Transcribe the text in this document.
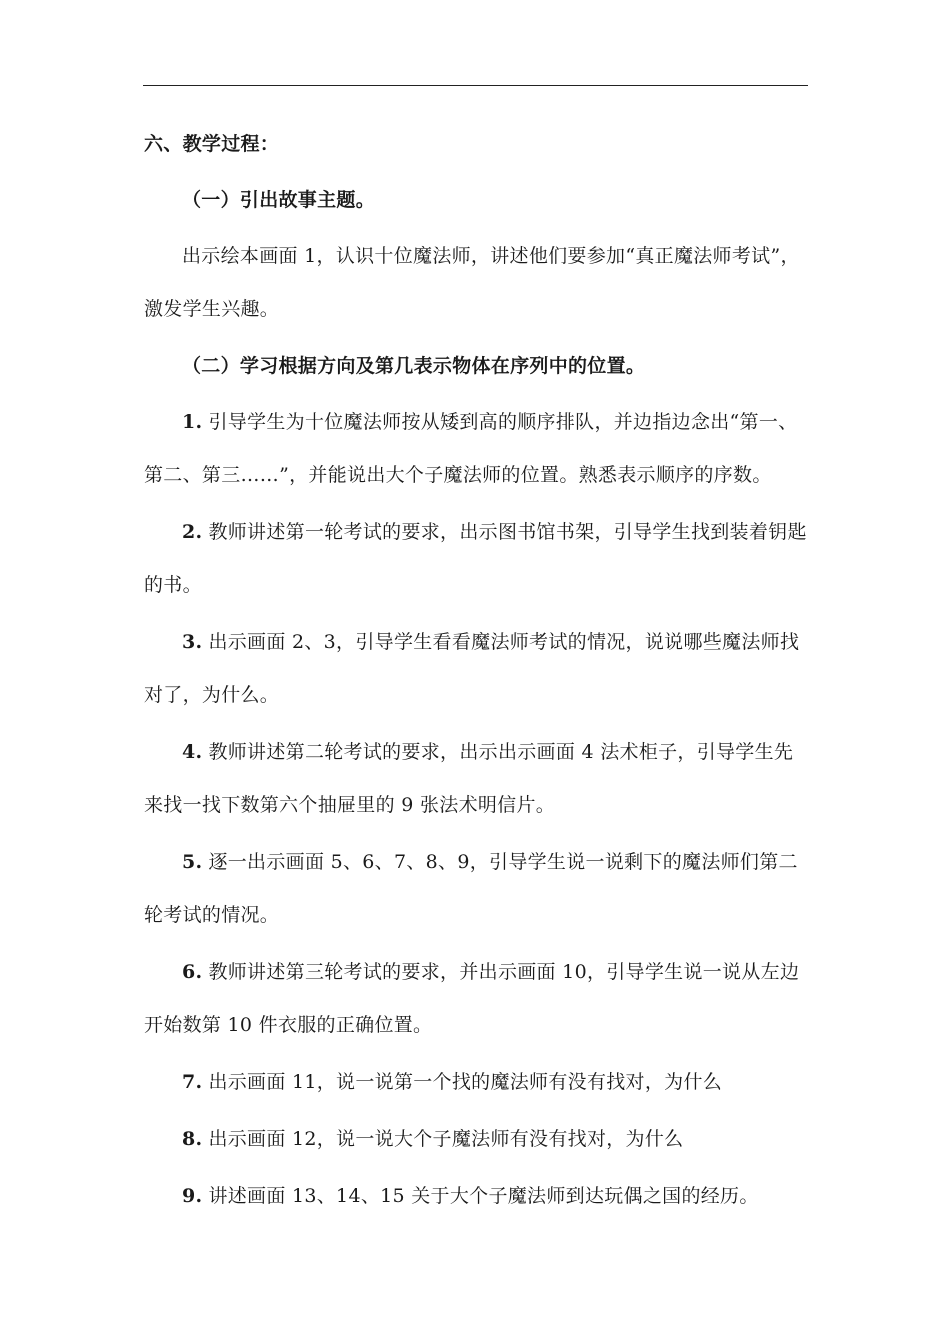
六、教学过程：

（一）引出故事主题。

出示绘本画面 1，认识十位魔法师，讲述他们要参加“真正魔法师考试”，激发学生兴趣。

（二）学习根据方向及第几表示物体在序列中的位置。

1. 引导学生为十位魔法师按从矮到高的顺序排队，并边指边念出“第一、第二、第三……”，并能说出大个子魔法师的位置。熟悉表示顺序的序数。

2. 教师讲述第一轮考试的要求，出示图书馆书架，引导学生找到装着钥匙的书。

3. 出示画面 2、3，引导学生看看魔法师考试的情况，说说哪些魔法师找对了，为什么。

4. 教师讲述第二轮考试的要求，出示出示画面 4 法术柜子，引导学生先来找一找下数第六个抽屉里的 9 张法术明信片。

5. 逐一出示画面 5、6、7、8、9，引导学生说一说剩下的魔法师们第二轮考试的情况。

6. 教师讲述第三轮考试的要求，并出示画面 10，引导学生说一说从左边开始数第 10 件衣服的正确位置。

7. 出示画面 11，说一说第一个找的魔法师有没有找对，为什么

8. 出示画面 12，说一说大个子魔法师有没有找对，为什么

9. 讲述画面 13、14、15 关于大个子魔法师到达玩偶之国的经历。
